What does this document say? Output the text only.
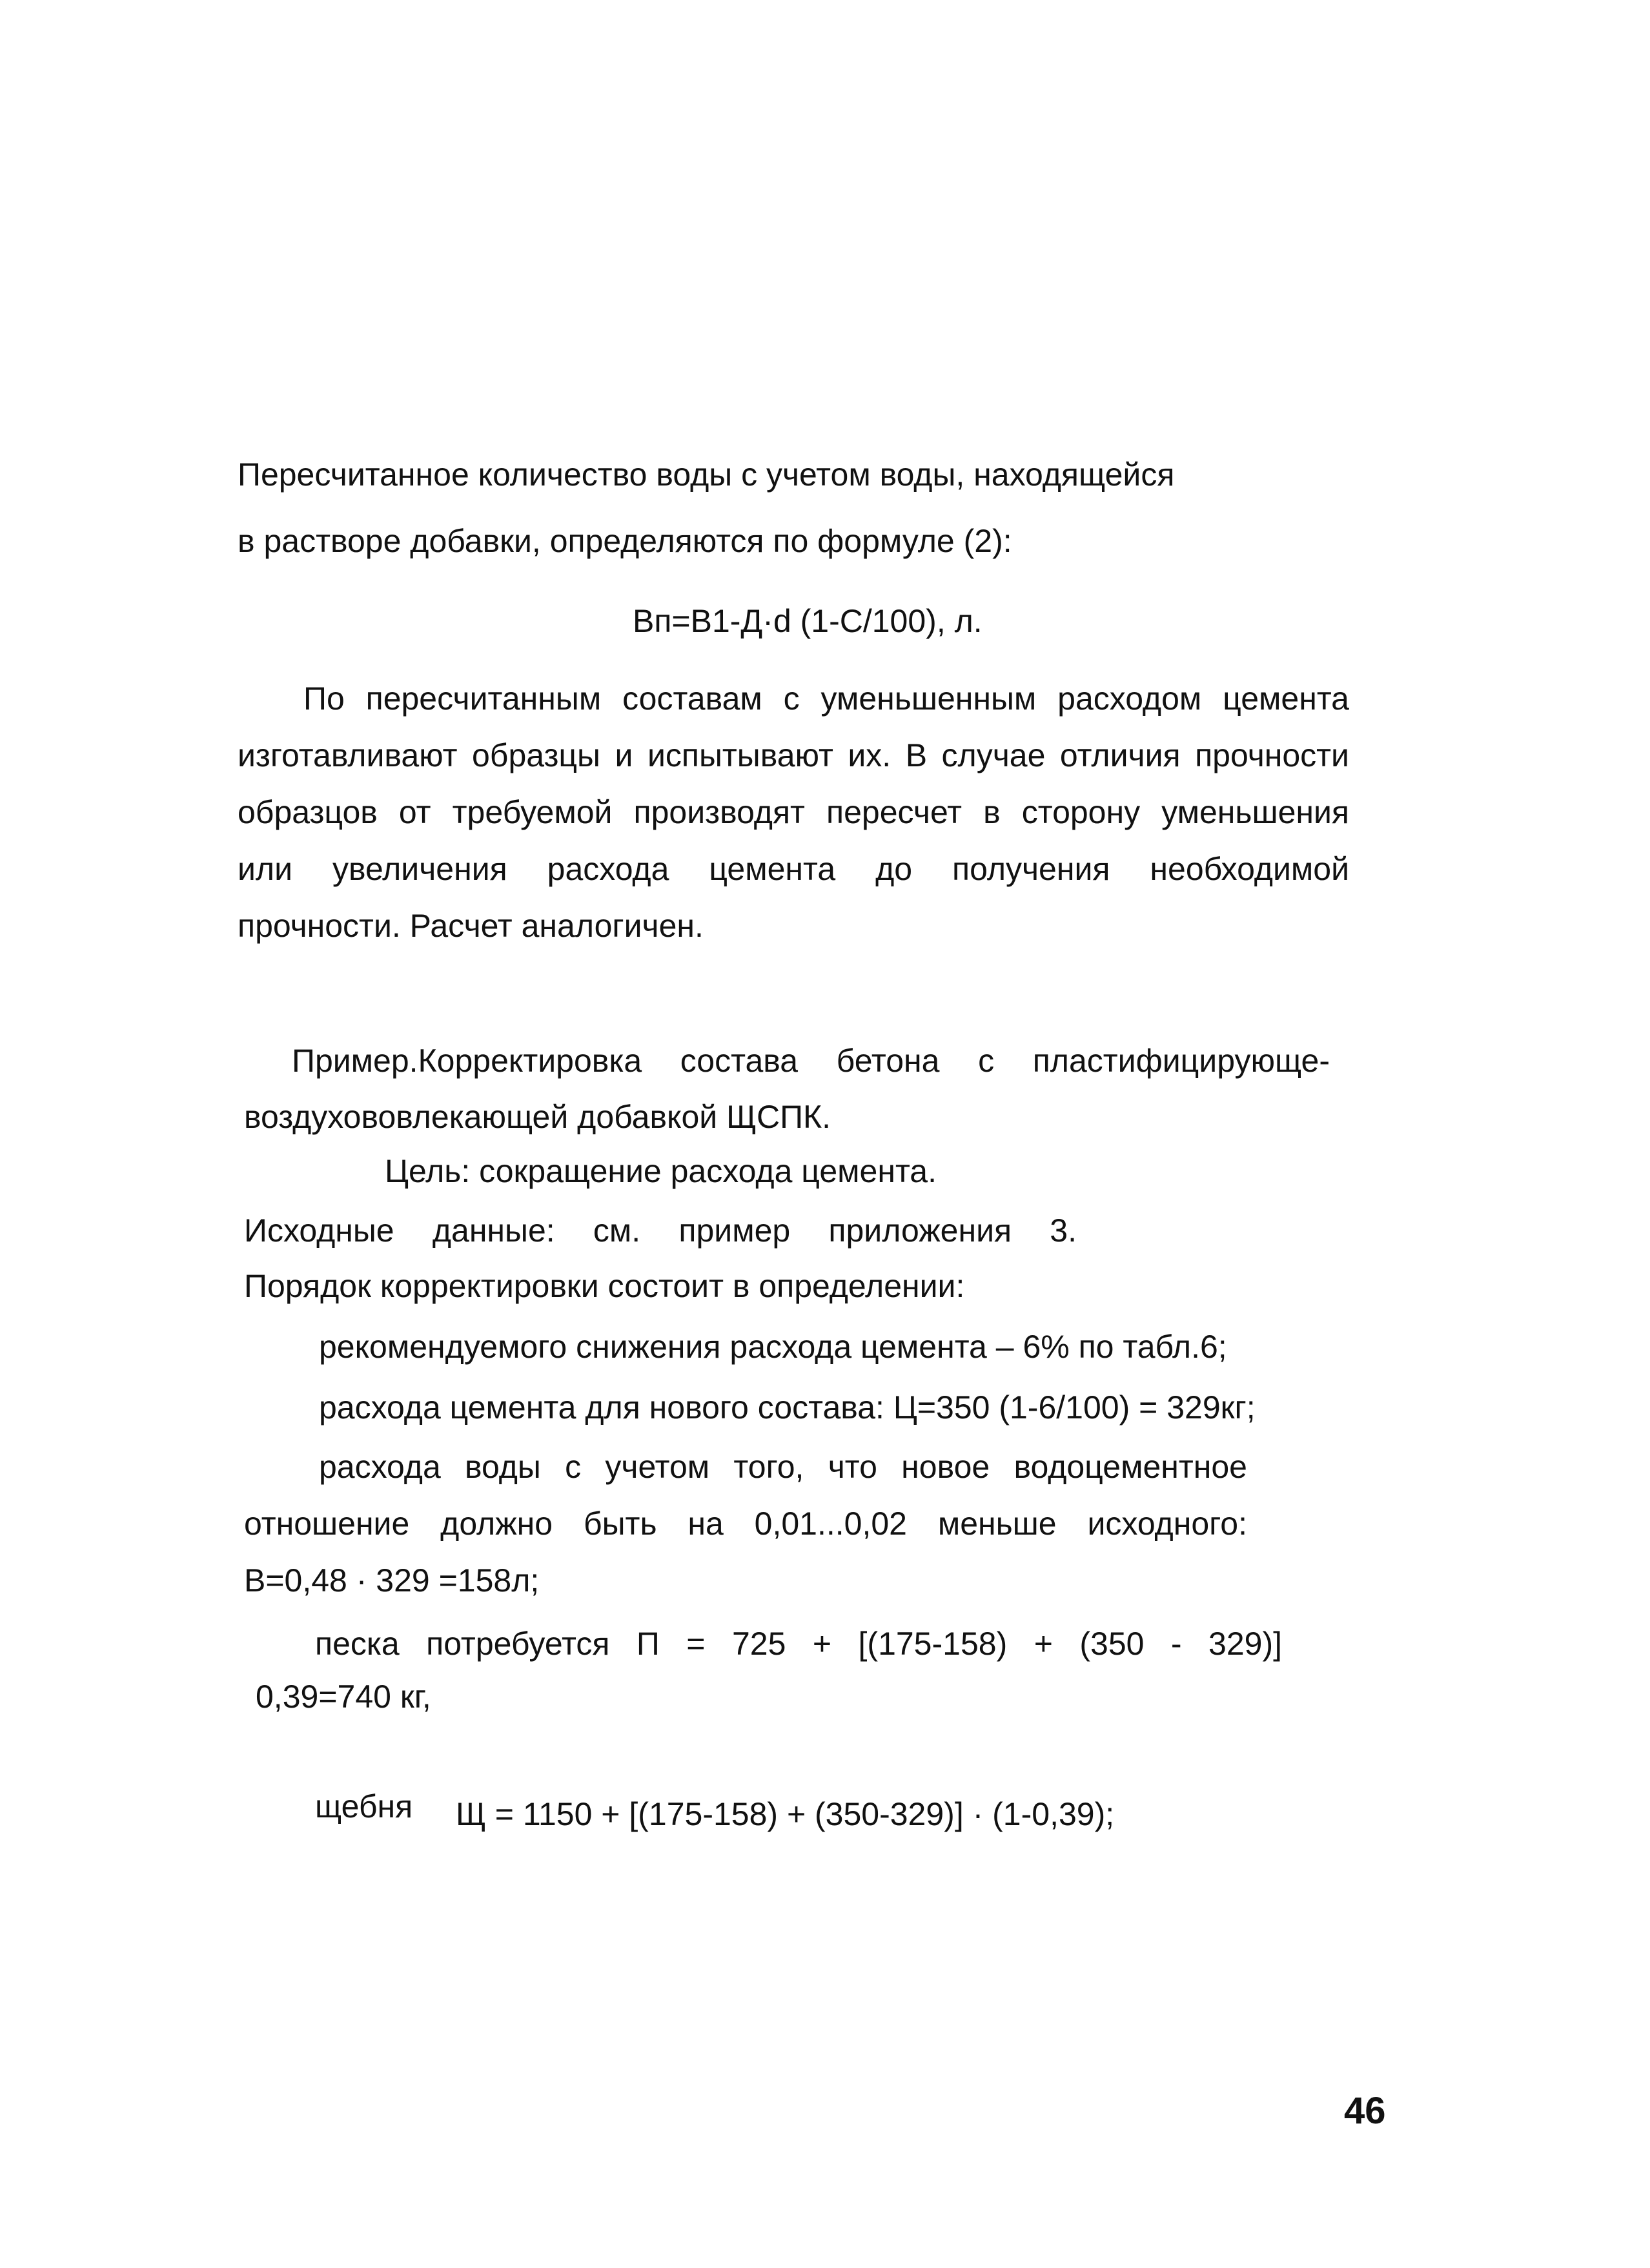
Пересчитанное количество воды с учетом воды, находящейся
в растворе добавки, определяются по формуле (2):
Вп=В1-Д·d (1-С/100), л.
По пересчитанным составам с уменьшенным расходом цемента
изготавливают образцы и испытывают их. В случае отличия прочности
образцов от требуемой производят пересчет в сторону уменьшения
или увеличения расхода цемента до получения необходимой
прочности. Расчет аналогичен.
Пример.Корректировка состава бетона с пластифицирующе-
воздухововлекающей добавкой ЩСПК.
Цель: сокращение расхода цемента.
Исходные данные: см. пример приложения 3.
Порядок корректировки состоит в определении:
рекомендуемого снижения расхода цемента – 6% по табл.6;
расхода цемента для нового состава: Ц=350 (1-6/100) = 329кг;
расхода воды с учетом того, что новое водоцементное
отношение должно быть на 0,01...0,02 меньше исходного:
В=0,48 · 329 =158л;
песка потребуется П = 725 + [(175-158) + (350 - 329)]
0,39=740 кг,
щебня Щ = 1150 + [(175-158) + (350-329)] · (1-0,39);
46
